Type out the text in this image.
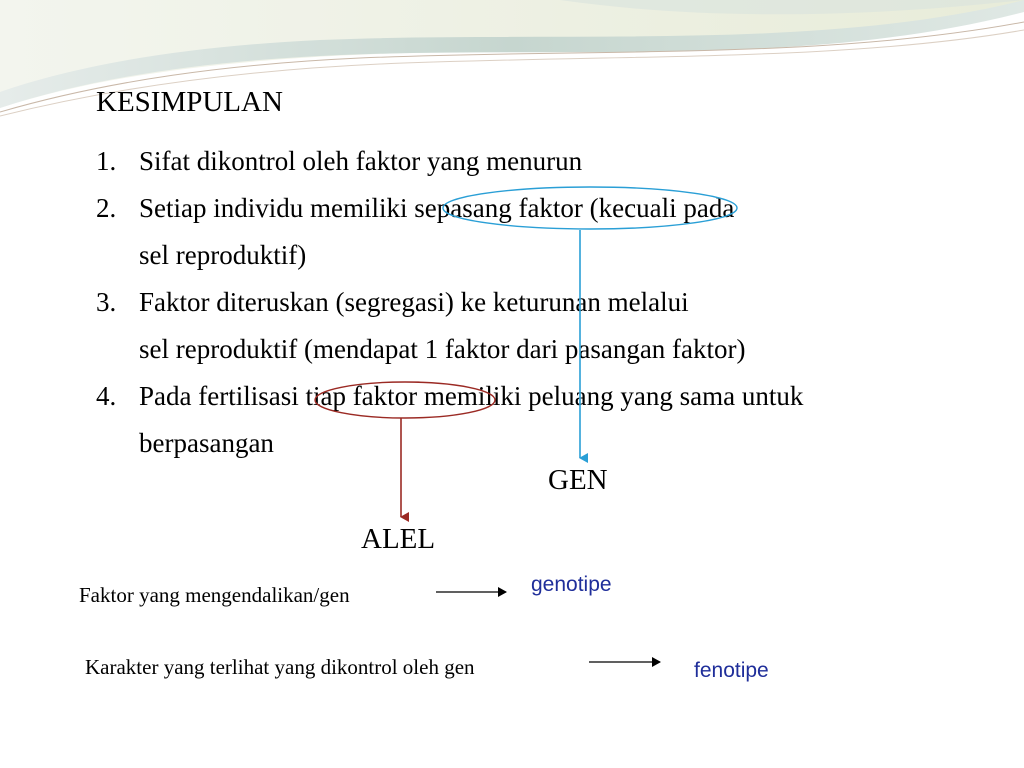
KESIMPULAN
1. Sifat dikontrol oleh faktor yang menurun
2. Setiap individu memiliki sepasang faktor (kecuali pada
sel reproduktif)
3. Faktor diteruskan (segregasi) ke keturunan melalui
sel reproduktif (mendapat 1 faktor dari pasangan faktor)
4. Pada fertilisasi tiap faktor memiliki peluang yang sama untuk
berpasangan
GEN
ALEL
Faktor yang mengendalikan/gen	genotipe
Karakter yang terlihat yang dikontrol oleh gen	fenotipe
